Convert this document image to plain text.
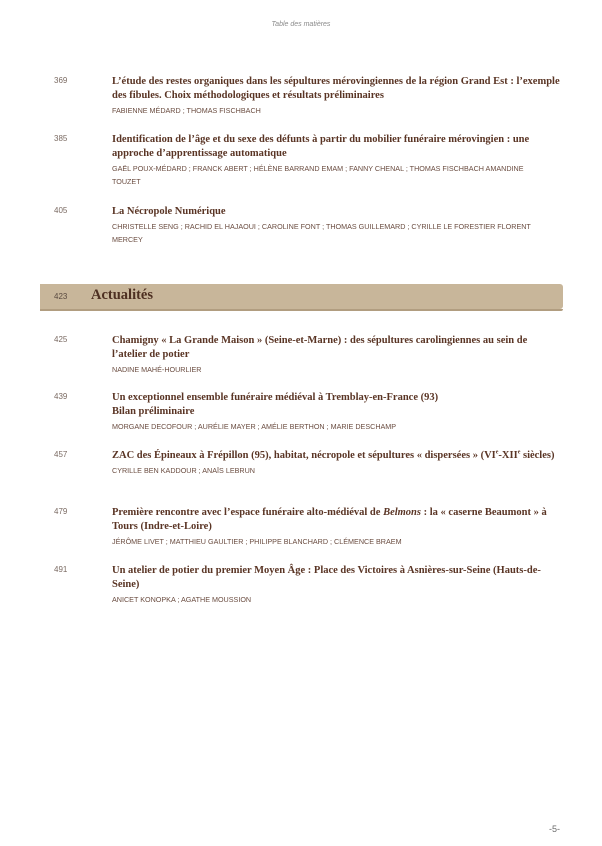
Table des matières
369	L’étude des restes organiques dans les sépultures mérovingiennes de la région Grand Est : l’exemple des fibules. Choix méthodologiques et résultats préliminaires
FABIENNE MÉDARD ; THOMAS FISCHBACH
385	Identification de l’âge et du sexe des défunts à partir du mobilier funéraire mérovingien : une approche d’apprentissage automatique
GAËL POUX-MÉDARD ; FRANCK ABERT ; HÉLÈNE BARRAND EMAM ; FANNY CHENAL ; THOMAS FISCHBACH AMANDINE TOUZET
405	La Nécropole Numérique
CHRISTELLE SENG ; RACHID EL HAJAOUI ; CAROLINE FONT ; THOMAS GUILLEMARD ; CYRILLE LE FORESTIER FLORENT MERCEY
423 Actualités
425	Chamigny « La Grande Maison » (Seine-et-Marne) : des sépultures carolingiennes au sein de l’atelier de potier
NADINE MAHÉ-HOURLIER
439	Un exceptionnel ensemble funéraire médiéval à Tremblay-en-France (93)
Bilan préliminaire
MORGANE DECOFOUR ; AURÉLIE MAYER ; AMÉLIE BERTHON ; MARIE DESCHAMP
457	ZAC des Épineaux à Frépillon (95), habitat, nécropole et sépultures « dispersées » (VIe-XIIe siècles)
CYRILLE BEN KADDOUR ; ANAÏS LEBRUN
479	Première rencontre avec l’espace funéraire alto-médiéval de Belmons : la « caserne Beaumont » à Tours (Indre-et-Loire)
JÉRÔME LIVET ; MATTHIEU GAULTIER ; PHILIPPE BLANCHARD ; CLÉMENCE BRAEM
491	Un atelier de potier du premier Moyen Âge : Place des Victoires à Asnières-sur-Seine (Hauts-de-Seine)
ANICET KONOPKA ; AGATHE MOUSSION
-5-
